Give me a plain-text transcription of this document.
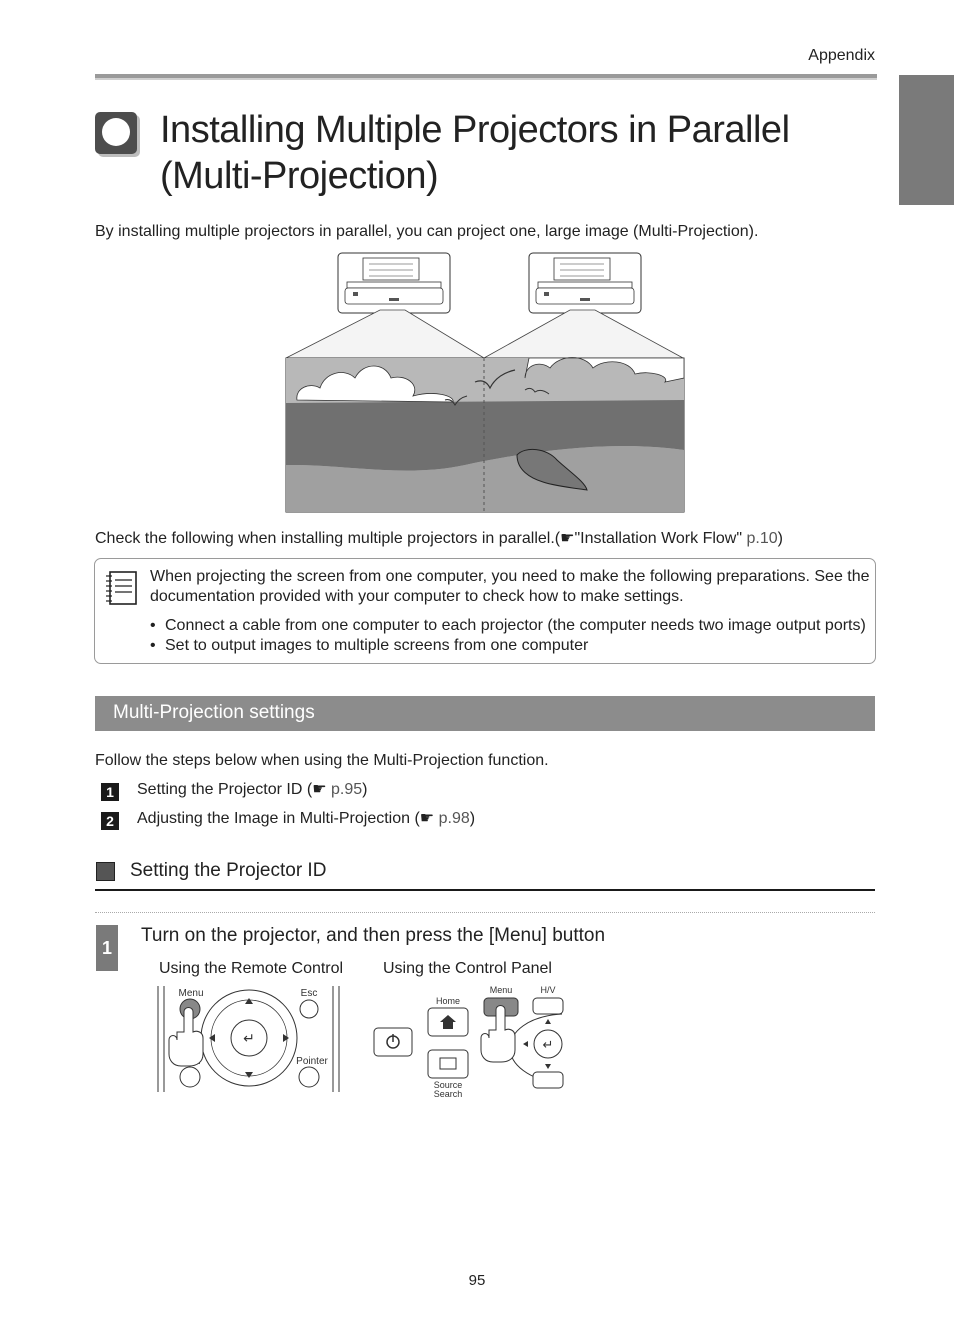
Appendix
Installing Multiple Projectors in Parallel (Multi-Projection)
By installing multiple projectors in parallel, you can project one, large image (Multi-Projection).
Check the following when installing multiple projectors in parallel.(☛"Installation Work Flow" p.10)
When projecting the screen from one computer, you need to make the following preparations. See the documentation provided with your computer to check how to make settings.
• Connect a cable from one computer to each projector (the computer needs two image output ports)
• Set to output images to multiple screens from one computer
Multi-Projection settings
Follow the steps below when using the Multi-Projection function.
1	Setting the Projector ID (☛ p.95)
2	Adjusting the Image in Multi-Projection (☛ p.98)
Setting the Projector ID
1
Turn on the projector, and then press the [Menu] button
Using the Remote Control Using the Control Panel
Menu	Esc
Pointer
↵
Home
Source
Search
Menu	H/V
↵
95
